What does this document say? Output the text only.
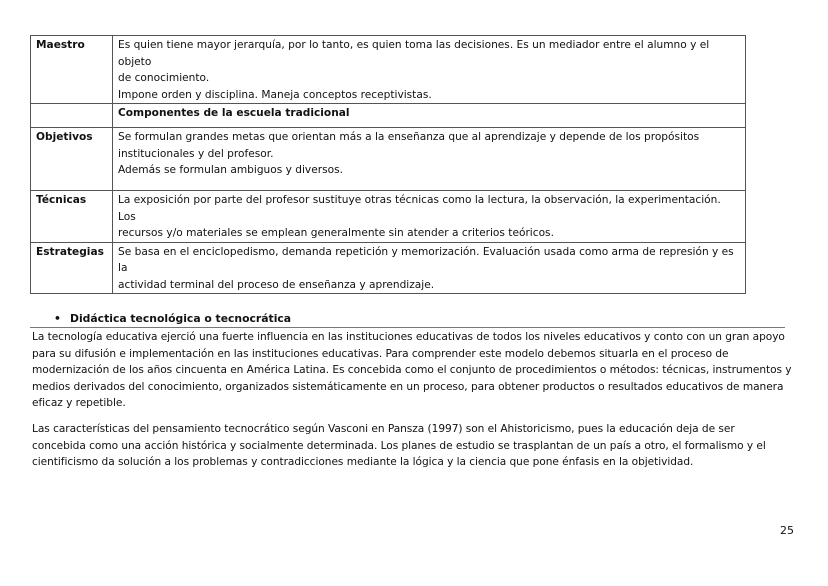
Maestro	Es quien tiene mayor jerarquía, por lo tanto, es quien toma las decisiones. Es un mediador entre el alumno y el objeto
de conocimiento.
Impone orden y disciplina. Maneja conceptos receptivistas.

	Componentes de la escuela tradicional
Objetivos	Se formulan grandes metas que orientan más a la enseñanza que al aprendizaje y depende de los propósitos
institucionales y del profesor.
Además se formulan ambiguos y diversos.

Técnicas	La exposición por parte del profesor sustituye otras técnicas como la lectura, la observación, la experimentación. Los
recursos y/o materiales se emplean generalmente sin atender a criterios teóricos.

Estrategias	Se basa en el enciclopedismo, demanda repetición y memorización. Evaluación usada como arma de represión y es la
actividad terminal del proceso de enseñanza y aprendizaje.
• Didáctica tecnológica o tecnocrática
La tecnología educativa ejerció una fuerte influencia en las instituciones educativas de todos los niveles educativos y conto con un gran apoyo
para su difusión e implementación en las instituciones educativas. Para comprender este modelo debemos situarla en el proceso de
modernización de los años cincuenta en América Latina. Es concebida como el conjunto de procedimientos o métodos: técnicas, instrumentos y
medios derivados del conocimiento, organizados sistemáticamente en un proceso, para obtener productos o resultados educativos de manera
eficaz y repetible.
Las características del pensamiento tecnocrático según Vasconi en Pansza (1997) son el Ahistoricismo, pues la educación deja de ser
concebida como una acción histórica y socialmente determinada. Los planes de estudio se trasplantan de un país a otro, el formalismo y el
cientificismo da solución a los problemas y contradicciones mediante la lógica y la ciencia que pone énfasis en la objetividad.
25
